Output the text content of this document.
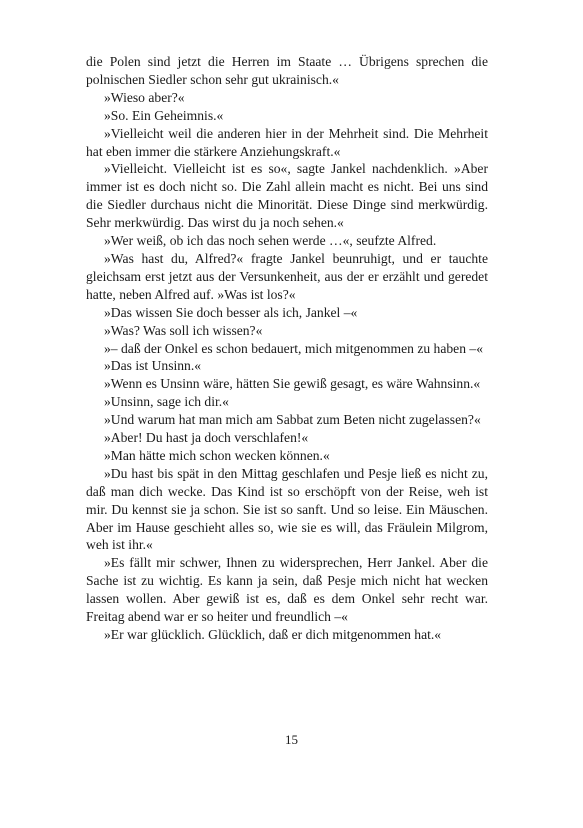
die Polen sind jetzt die Herren im Staate … Übrigens sprechen die polnischen Siedler schon sehr gut ukrainisch.«

»Wieso aber?«

»So. Ein Geheimnis.«

»Vielleicht weil die anderen hier in der Mehrheit sind. Die Mehrheit hat eben immer die stärkere Anziehungskraft.«

»Vielleicht. Vielleicht ist es so«, sagte Jankel nachdenklich. »Aber immer ist es doch nicht so. Die Zahl allein macht es nicht. Bei uns sind die Siedler durchaus nicht die Minorität. Diese Dinge sind merkwürdig. Sehr merkwürdig. Das wirst du ja noch sehen.«

»Wer weiß, ob ich das noch sehen werde …«, seufzte Alfred.

»Was hast du, Alfred?« fragte Jankel beunruhigt, und er tauchte gleichsam erst jetzt aus der Versunkenheit, aus der er erzählt und geredet hatte, neben Alfred auf. »Was ist los?«

»Das wissen Sie doch besser als ich, Jankel –«

»Was? Was soll ich wissen?«

»– daß der Onkel es schon bedauert, mich mitgenommen zu haben –«

»Das ist Unsinn.«

»Wenn es Unsinn wäre, hätten Sie gewiß gesagt, es wäre Wahnsinn.«

»Unsinn, sage ich dir.«

»Und warum hat man mich am Sabbat zum Beten nicht zugelassen?«

»Aber! Du hast ja doch verschlafen!«

»Man hätte mich schon wecken können.«

»Du hast bis spät in den Mittag geschlafen und Pesje ließ es nicht zu, daß man dich wecke. Das Kind ist so erschöpft von der Reise, weh ist mir. Du kennst sie ja schon. Sie ist so sanft. Und so leise. Ein Mäuschen. Aber im Hause geschieht alles so, wie sie es will, das Fräulein Milgrom, weh ist ihr.«

»Es fällt mir schwer, Ihnen zu widersprechen, Herr Jankel. Aber die Sache ist zu wichtig. Es kann ja sein, daß Pesje mich nicht hat wecken lassen wollen. Aber gewiß ist es, daß es dem Onkel sehr recht war. Freitag abend war er so heiter und freundlich –«

»Er war glücklich. Glücklich, daß er dich mitgenommen hat.«

15
